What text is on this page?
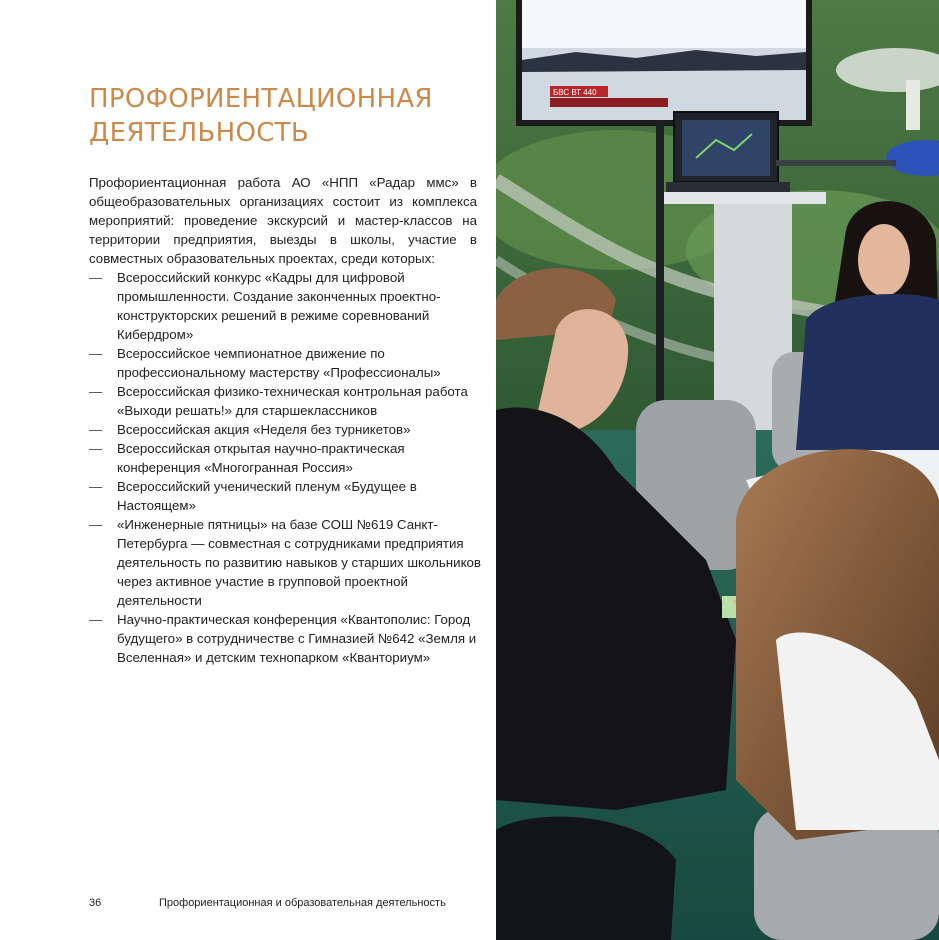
ПРОФОРИЕНТАЦИОННАЯ
ДЕЯТЕЛЬНОСТЬ

Профориентационная работа АО «НПП «Радар ммс» в общеобразовательных организациях состоит из комплекса мероприятий: проведение экскурсий и мастер-классов на территории предприятия, выезды в школы, участие в совместных образовательных проектах, среди которых:

— Всероссийский конкурс «Кадры для цифровой промышленности. Создание законченных проектно-конструкторских решений в режиме соревнований Кибердром»
— Всероссийское чемпионатное движение по профессиональному мастерству «Профессионалы»
— Всероссийская физико-техническая контрольная работа «Выходи решать!» для старшеклассников
— Всероссийская акция «Неделя без турникетов»
— Всероссийская открытая научно-практическая конференция «Многогранная Россия»
— Всероссийский ученический пленум «Будущее в Настоящем»
— «Инженерные пятницы» на базе СОШ №619 Санкт-Петербурга — совместная с сотрудниками предприятия деятельность по развитию навыков у старших школьников через активное участие в групповой проектной деятельности
— Научно-практическая конференция «Квантополис: Город будущего» в сотрудничестве с Гимназией №642 «Земля и Вселенная» и детским технопарком «Кванториум»
36	Профориентационная и образовательная деятельность
БВС ВТ 440
